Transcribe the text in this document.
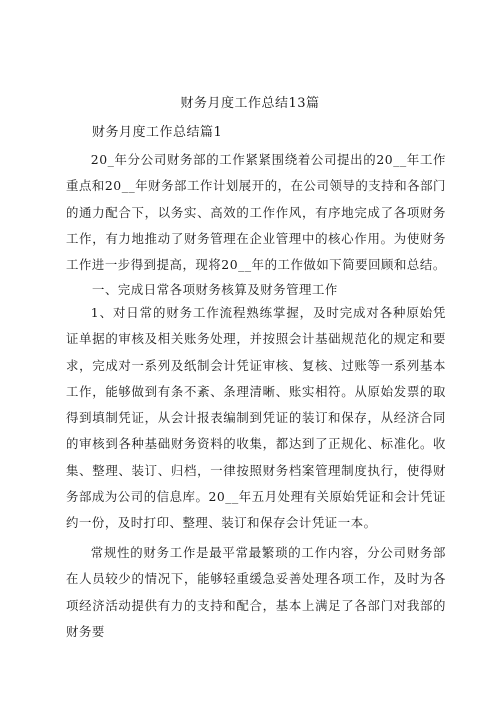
财务月度工作总结13篇
财务月度工作总结篇1

20_年分公司财务部的工作紧紧围绕着公司提出的20__年工作重点和20__年财务部工作计划展开的，在公司领导的支持和各部门的通力配合下，以务实、高效的工作作风，有序地完成了各项财务工作，有力地推动了财务管理在企业管理中的核心作用。为使财务工作进一步得到提高，现将20__年的工作做如下简要回顾和总结。

一、完成日常各项财务核算及财务管理工作

1、对日常的财务工作流程熟练掌握，及时完成对各种原始凭证单据的审核及相关账务处理，并按照会计基础规范化的规定和要求，完成对一系列及纸制会计凭证审核、复核、过账等一系列基本工作，能够做到有条不紊、条理清晰、账实相符。从原始发票的取得到填制凭证，从会计报表编制到凭证的装订和保存，从经济合同的审核到各种基础财务资料的收集，都达到了正规化、标准化。收集、整理、装订、归档，一律按照财务档案管理制度执行，使得财务部成为公司的信息库。20__年五月处理有关原始凭证和会计凭证约一份，及时打印、整理、装订和保存会计凭证一本。

常规性的财务工作是最平常最繁琐的工作内容，分公司财务部在人员较少的情况下，能够轻重缓急妥善处理各项工作，及时为各项经济活动提供有力的支持和配合，基本上满足了各部门对我部的财务要
